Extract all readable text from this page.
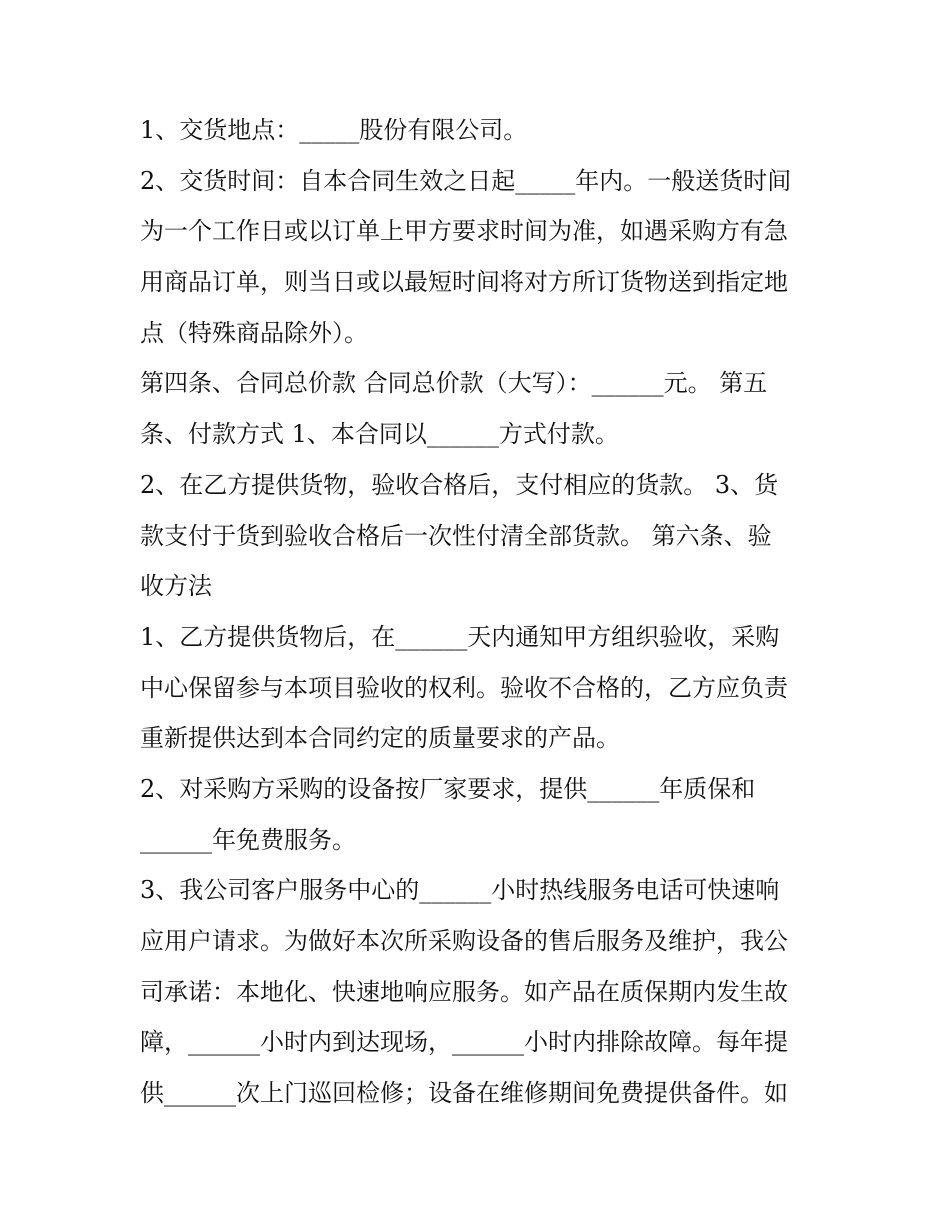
1、交货地点：_____股份有限公司。
2、交货时间：自本合同生效之日起_____年内。一般送货时间
为一个工作日或以订单上甲方要求时间为准，如遇采购方有急
用商品订单，则当日或以最短时间将对方所订货物送到指定地
点（特殊商品除外）。
第四条、合同总价款 合同总价款（大写）：______元。 第五
条、付款方式 1、本合同以______方式付款。
2、在乙方提供货物，验收合格后，支付相应的货款。 3、货
款支付于货到验收合格后一次性付清全部货款。 第六条、验
收方法
1、乙方提供货物后，在______天内通知甲方组织验收，采购
中心保留参与本项目验收的权利。验收不合格的，乙方应负责
重新提供达到本合同约定的质量要求的产品。
2、对采购方采购的设备按厂家要求，提供______年质保和
______年免费服务。
3、我公司客户服务中心的______小时热线服务电话可快速响
应用户请求。为做好本次所采购设备的售后服务及维护，我公
司承诺：本地化、快速地响应服务。如产品在质保期内发生故
障，______小时内到达现场，______小时内排除故障。每年提
供______次上门巡回检修；设备在维修期间免费提供备件。如
